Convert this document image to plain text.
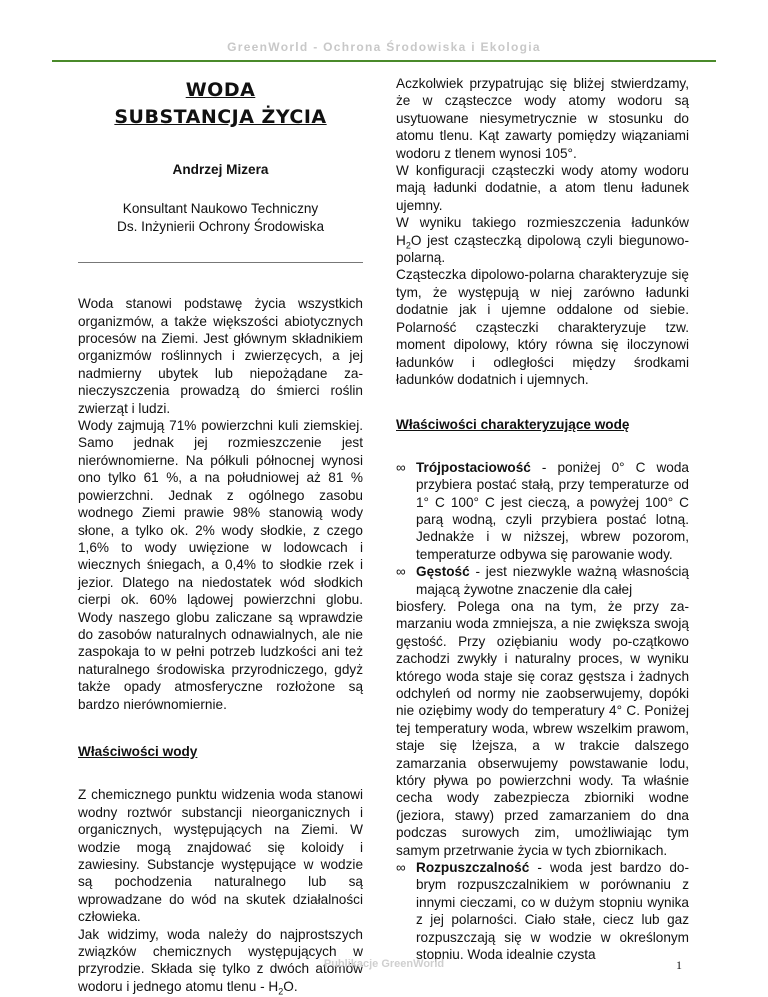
GreenWorld - Ochrona Środowiska i Ekologia
WODA
SUBSTANCJA ŻYCIA
Andrzej Mizera
Konsultant Naukowo Techniczny
Ds. Inżynierii Ochrony Środowiska

Woda stanowi podstawę życia wszystkich organizmów, a także większości abiotycznych procesów na Ziemi. Jest głównym składnikiem organizmów roślinnych i zwierzęcych, a jej nadmierny ubytek lub niepożądane za-nieczyszczenia prowadzą do śmierci roślin zwierząt i ludzi.

Wody zajmują 71% powierzchni kuli ziemskiej. Samo jednak jej rozmieszczenie jest nierównomierne. Na półkuli północnej wynosi ono tylko 61 %, a na południowej aż 81 % powierzchni. Jednak z ogólnego zasobu wodnego Ziemi prawie 98% stanowią wody słone, a tylko ok. 2% wody słodkie, z czego 1,6% to wody uwięzione w lodowcach i wiecznych śniegach, a 0,4% to słodkie rzek i jezior. Dlatego na niedostatek wód słodkich cierpi ok. 60% lądowej powierzchni globu. Wody naszego globu zaliczane są wprawdzie do zasobów naturalnych odnawialnych, ale nie zaspokaja to w pełni potrzeb ludzkości ani też naturalnego środowiska przyrodniczego, gdyż także opady atmosferyczne rozłożone są bardzo nierównomiernie.

Właściwości wody

Z chemicznego punktu widzenia woda stanowi wodny roztwór substancji nieorganicznych i organicznych, występujących na Ziemi. W wodzie mogą znajdować się koloidy i zawiesiny. Substancje występujące w wodzie są pochodzenia naturalnego lub są wprowadzane do wód na skutek działalności człowieka.

Jak widzimy, woda należy do najprostszych związków chemicznych występujących w przyrodzie. Składa się tylko z dwóch atomów wodoru i jednego atomu tlenu - $H_2O$.

Aczkolwiek przypatrując się bliżej stwierdzamy, że w cząsteczce wody atomy wodoru są usytuowane niesymetrycznie w stosunku do atomu tlenu. Kąt zawarty pomiędzy wiązaniami wodoru z tlenem wynosi 105°.

W konfiguracji cząsteczki wody atomy wodoru mają ładunki dodatnie, a atom tlenu ładunek ujemny.

W wyniku takiego rozmieszczenia ładunków $H_2O$ jest cząsteczką dipolową czyli biegunowo-polarną.

Cząsteczka dipolowo-polarna charakteryzuje się tym, że występują w niej zarówno ładunki dodatnie jak i ujemne oddalone od siebie. Polarność cząsteczki charakteryzuje tzw. moment dipolowy, który równa się iloczynowi ładunków i odległości między środkami ładunków dodatnich i ujemnych.

Właściwości charakteryzujące wodę
∞ Trójpostaciowość - poniżej 0° C woda przybiera postać stałą, przy temperaturze od 1° C 100° C jest cieczą, a powyżej 100° C parą wodną, czyli przybiera postać lotną. Jednakże i w niższej, wbrew pozorom, temperaturze odbywa się parowanie wody.
∞ Gęstość - jest niezwykle ważną własnością mającą żywotne znaczenie dla całej

biosfery. Polega ona na tym, że przy za-marzaniu woda zmniejsza, a nie zwiększa swoją gęstość. Przy oziębianiu wody po-czątkowo zachodzi zwykły i naturalny proces, w wyniku którego woda staje się coraz gęstsza i żadnych odchyleń od normy nie zaobserwujemy, dopóki nie oziębimy wody do temperatury 4° C. Poniżej tej temperatury woda, wbrew wszelkim prawom, staje się lżejsza, a w trakcie dalszego zamarzania obserwujemy powstawanie lodu, który pływa po powierzchni wody. Ta właśnie cecha wody zabezpiecza zbiorniki wodne (jeziora, stawy) przed zamarzaniem do dna podczas surowych zim, umożliwiając tym samym przetrwanie życia w tych zbiornikach.

∞ Rozpuszczalność - woda jest bardzo do-brym rozpuszczalnikiem w porównaniu z innymi cieczami, co w dużym stopniu wynika z jej polarności. Ciało stałe, ciecz lub gaz rozpuszczają się w wodzie w określonym stopniu. Woda idealnie czysta
Publikacje GreenWorld	1
